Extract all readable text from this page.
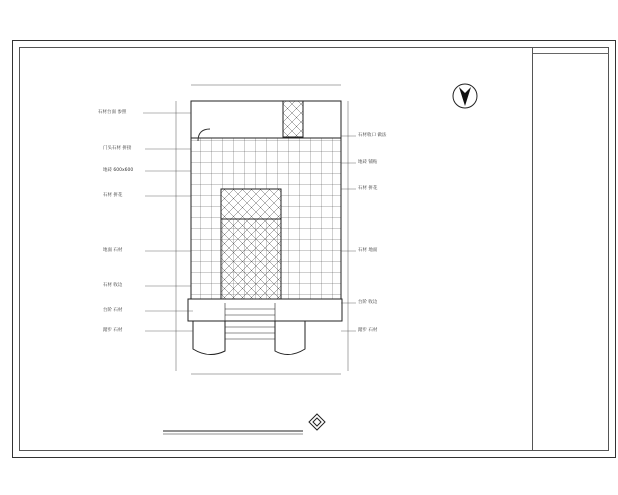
石材台面 参照
门头石材 拼接
地砖 600x600
石材 拼花
地面 石材
石材 收边
台阶 石材
踏步 石材
石材收口 做法
地砖 铺贴
石材 拼花
石材 地面
台阶 收边
踏步 石材
